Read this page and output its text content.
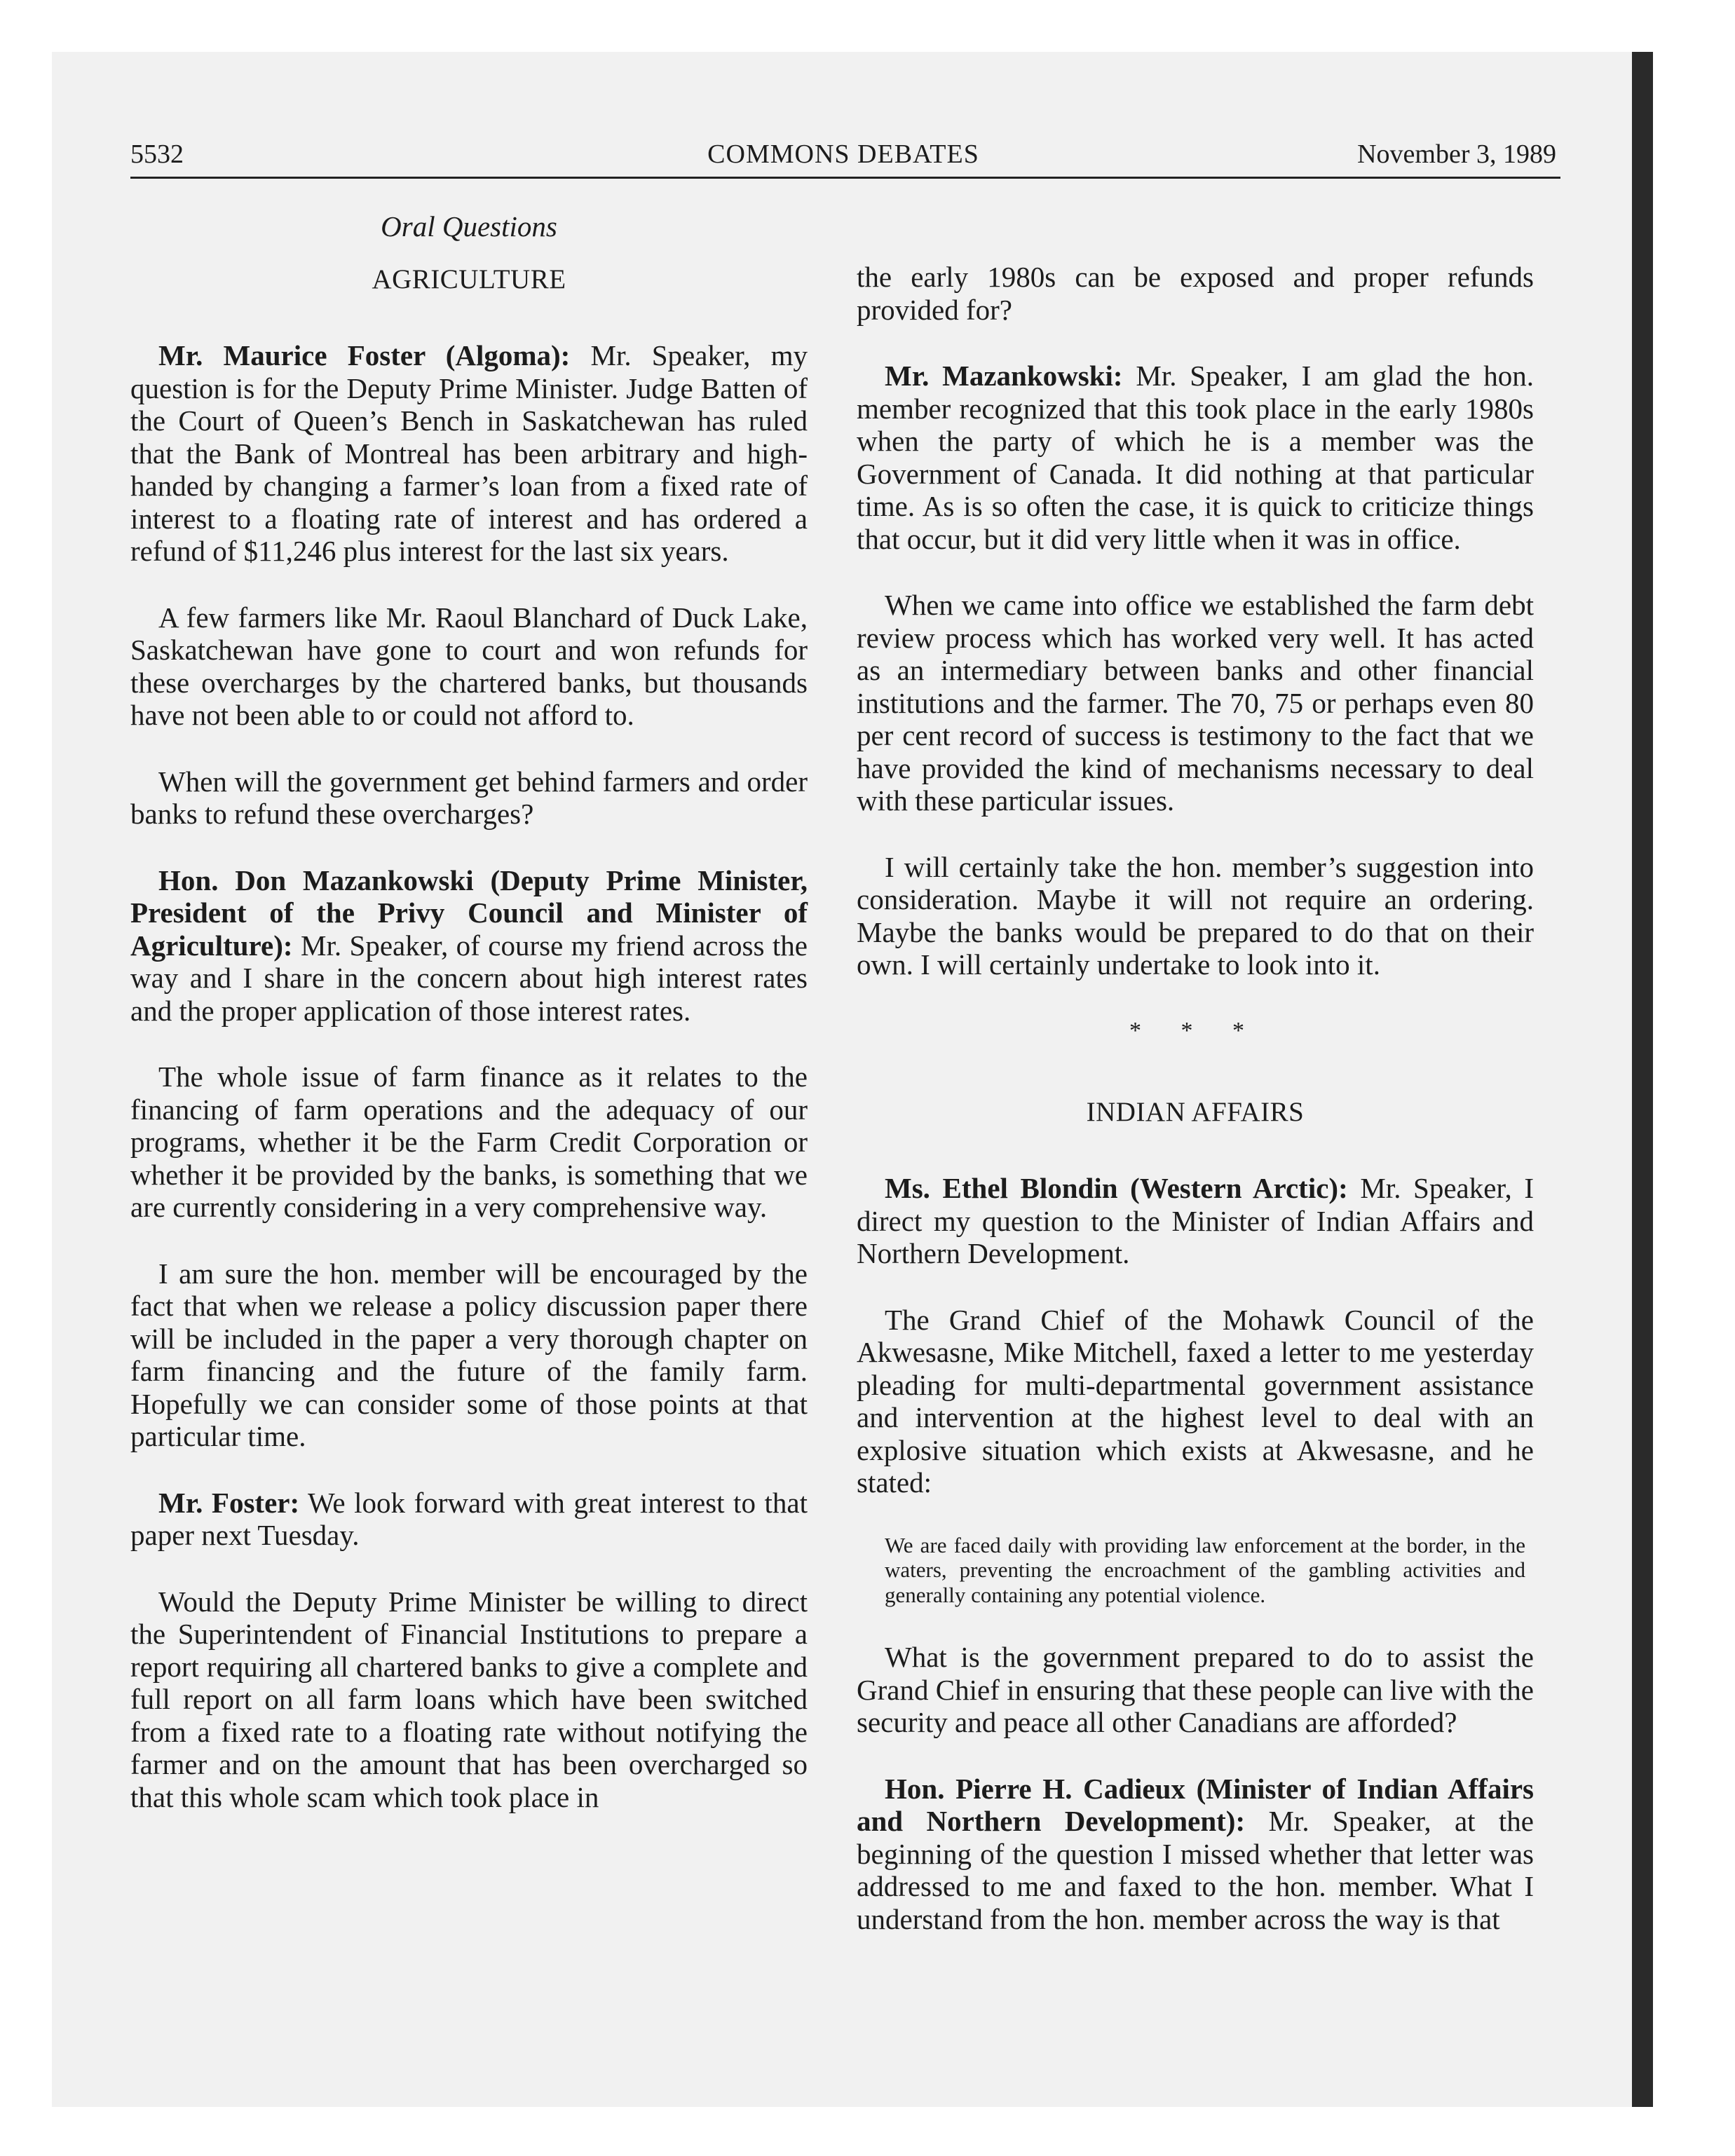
5532	COMMONS DEBATES	November 3, 1989
Oral Questions
AGRICULTURE

Mr. Maurice Foster (Algoma): Mr. Speaker, my question is for the Deputy Prime Minister. Judge Batten of the Court of Queen’s Bench in Saskatchewan has ruled that the Bank of Montreal has been arbitrary and high-handed by changing a farmer’s loan from a fixed rate of interest to a floating rate of interest and has ordered a refund of $11,246 plus interest for the last six years.

A few farmers like Mr. Raoul Blanchard of Duck Lake, Saskatchewan have gone to court and won refunds for these overcharges by the chartered banks, but thousands have not been able to or could not afford to.

When will the government get behind farmers and order banks to refund these overcharges?

Hon. Don Mazankowski (Deputy Prime Minister, President of the Privy Council and Minister of Agriculture): Mr. Speaker, of course my friend across the way and I share in the concern about high interest rates and the proper application of those interest rates.

The whole issue of farm finance as it relates to the financing of farm operations and the adequacy of our programs, whether it be the Farm Credit Corporation or whether it be provided by the banks, is something that we are currently considering in a very comprehensive way.

I am sure the hon. member will be encouraged by the fact that when we release a policy discussion paper there will be included in the paper a very thorough chapter on farm financing and the future of the family farm. Hopefully we can consider some of those points at that particular time.

Mr. Foster: We look forward with great interest to that paper next Tuesday.

Would the Deputy Prime Minister be willing to direct the Superintendent of Financial Institutions to prepare a report requiring all chartered banks to give a complete and full report on all farm loans which have been switched from a fixed rate to a floating rate without notifying the farmer and on the amount that has been overcharged so that this whole scam which took place in

the early 1980s can be exposed and proper refunds provided for?

Mr. Mazankowski: Mr. Speaker, I am glad the hon. member recognized that this took place in the early 1980s when the party of which he is a member was the Government of Canada. It did nothing at that particular time. As is so often the case, it is quick to criticize things that occur, but it did very little when it was in office.

When we came into office we established the farm debt review process which has worked very well. It has acted as an intermediary between banks and other financial institutions and the farmer. The 70, 75 or perhaps even 80 per cent record of success is testimony to the fact that we have provided the kind of mechanisms necessary to deal with these particular issues.

I will certainly take the hon. member’s suggestion into consideration. Maybe it will not require an ordering. Maybe the banks would be prepared to do that on their own. I will certainly undertake to look into it.

* * *
INDIAN AFFAIRS

Ms. Ethel Blondin (Western Arctic): Mr. Speaker, I direct my question to the Minister of Indian Affairs and Northern Development.

The Grand Chief of the Mohawk Council of the Akwesasne, Mike Mitchell, faxed a letter to me yesterday pleading for multi-departmental government assistance and intervention at the highest level to deal with an explosive situation which exists at Akwesasne, and he stated:

We are faced daily with providing law enforcement at the border, in the waters, preventing the encroachment of the gambling activities and generally containing any potential violence.

What is the government prepared to do to assist the Grand Chief in ensuring that these people can live with the security and peace all other Canadians are afforded?

Hon. Pierre H. Cadieux (Minister of Indian Affairs and Northern Development): Mr. Speaker, at the beginning of the question I missed whether that letter was addressed to me and faxed to the hon. member. What I understand from the hon. member across the way is that
